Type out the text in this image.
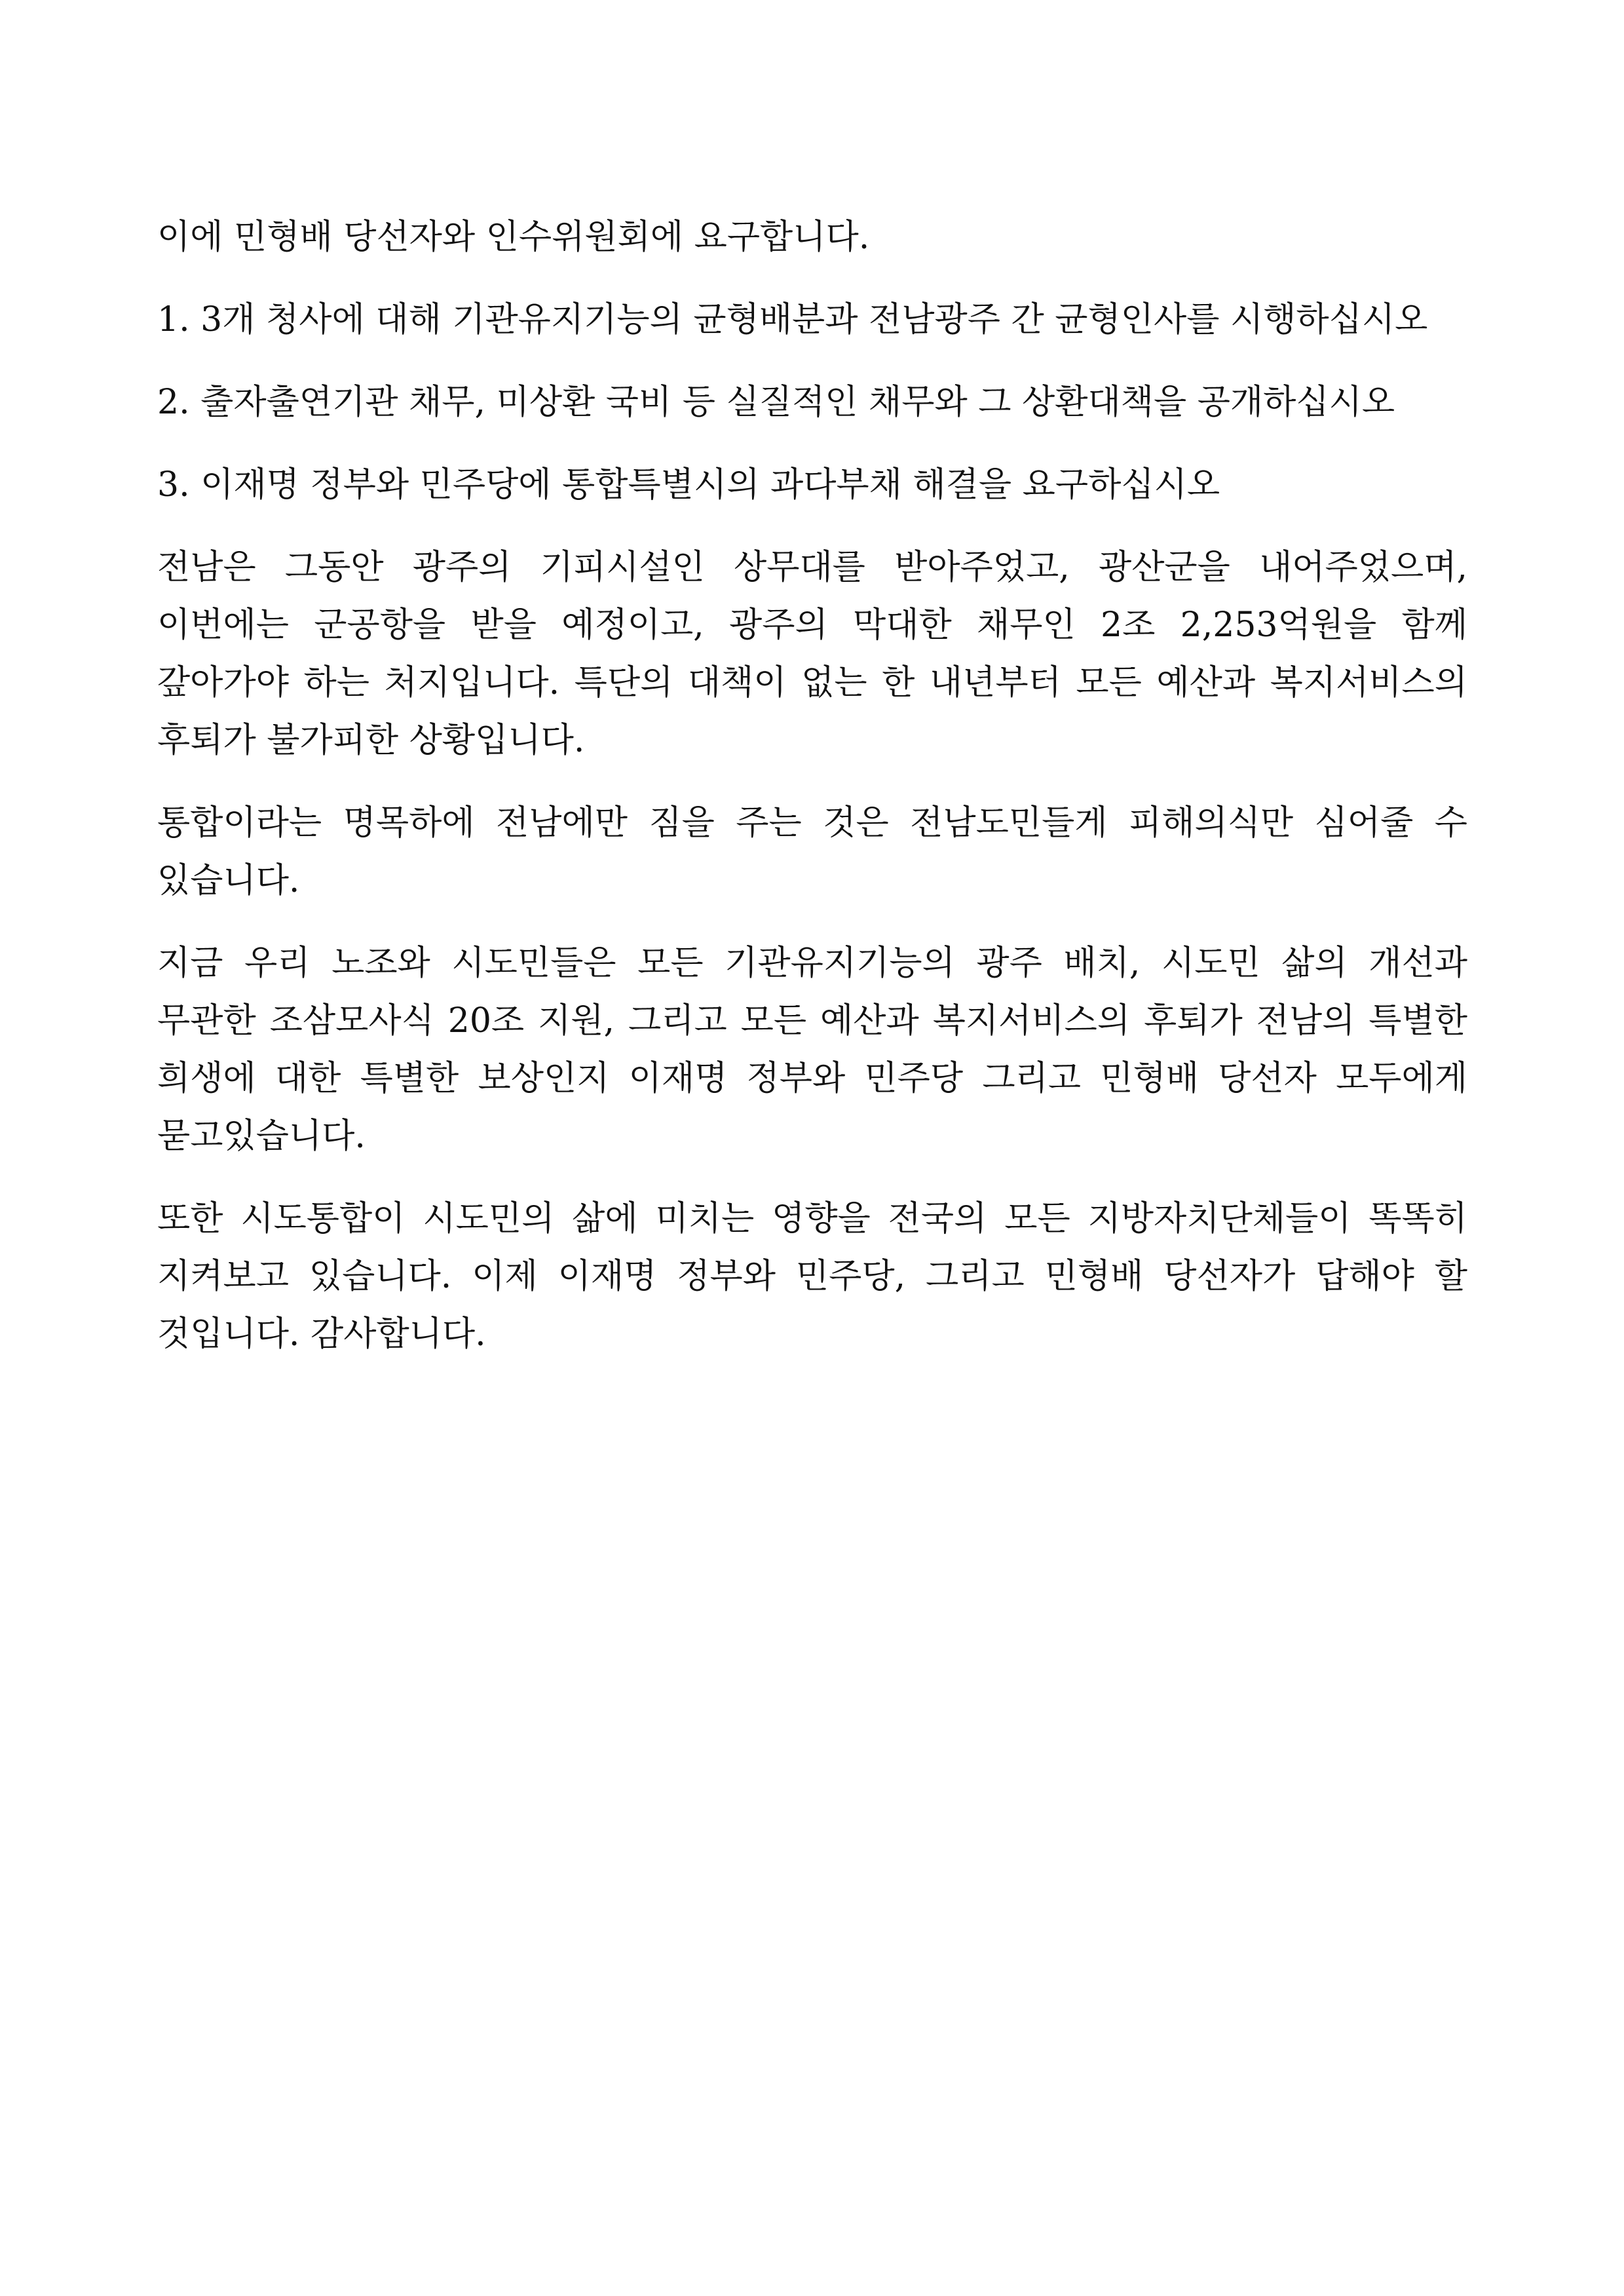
이에 민형배 당선자와 인수위원회에 요구합니다.

1. 3개 청사에 대해 기관유지기능의 균형배분과 전남광주 간 균형인사를 시행하십시오

2. 출자출연기관 채무, 미상환 국비 등 실질적인 채무와 그 상환대책을 공개하십시오

3. 이재명 정부와 민주당에 통합특별시의 과다부채 해결을 요구하십시오

전남은 그동안 광주의 기피시설인 상무대를 받아주었고, 광산군을 내어주었으며, 이번에는 군공항을 받을 예정이고, 광주의 막대한 채무인 2조 2,253억원을 함께 갚아가야 하는 처지입니다. 특단의 대책이 없는 한 내년부터 모든 예산과 복지서비스의 후퇴가 불가피한 상황입니다.

통합이라는 명목하에 전남에만 짐을 주는 것은 전남도민들게 피해의식만 심어줄 수 있습니다.

지금 우리 노조와 시도민들은 모든 기관유지기능의 광주 배치, 시도민 삶의 개선과 무관한 조삼모사식 20조 지원, 그리고 모든 예산과 복지서비스의 후퇴가 전남의 특별한 희생에 대한 특별한 보상인지 이재명 정부와 민주당 그리고 민형배 당선자 모두에게 묻고있습니다.

또한 시도통합이 시도민의 삶에 미치는 영향을 전국의 모든 지방자치단체들이 똑똑히 지켜보고 있습니다. 이제 이재명 정부와 민주당, 그리고 민형배 당선자가 답해야 할 것입니다. 감사합니다.
